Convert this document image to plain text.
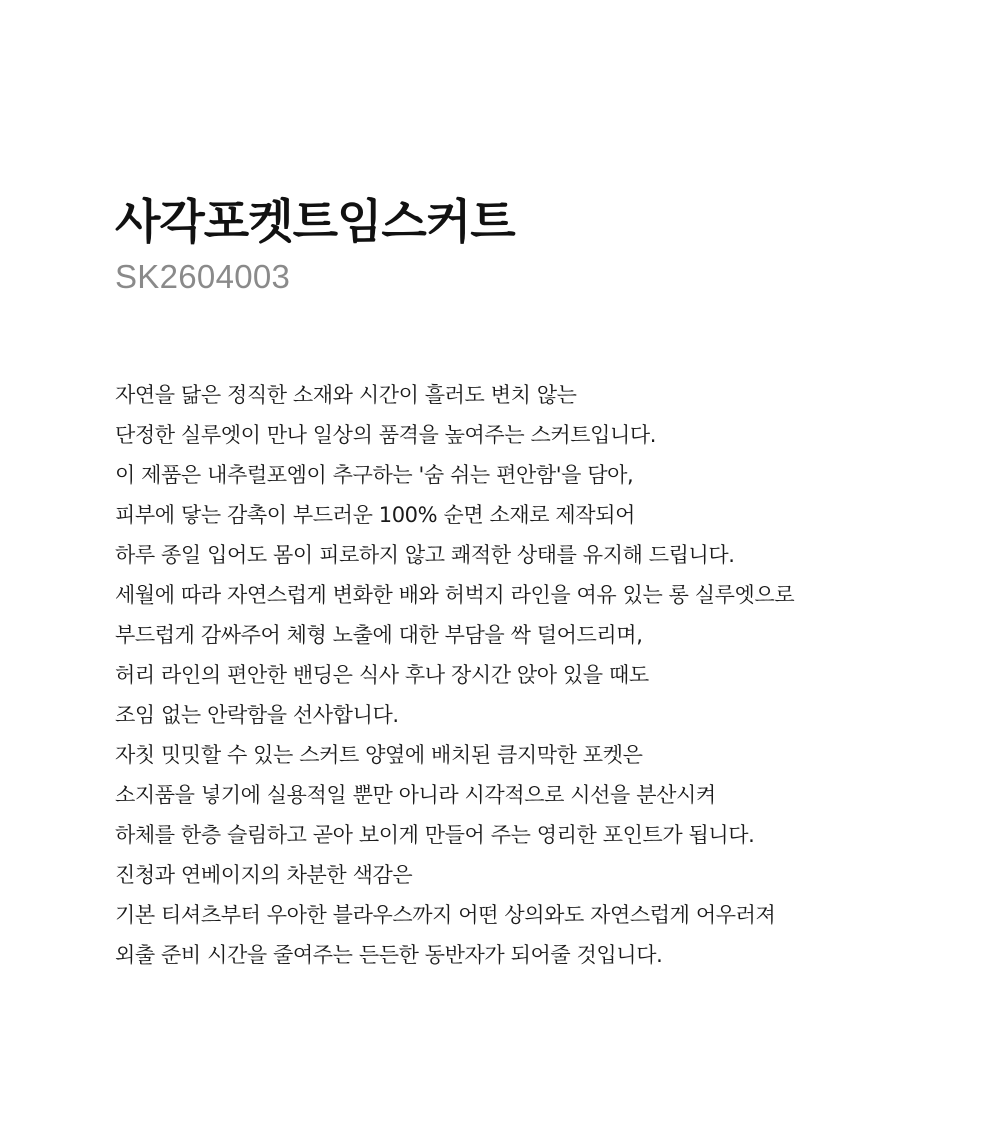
사각포켓트임스커트
SK2604003
자연을 닮은 정직한 소재와 시간이 흘러도 변치 않는
단정한 실루엣이 만나 일상의 품격을 높여주는 스커트입니다.
이 제품은 내추럴포엠이 추구하는 '숨 쉬는 편안함'을 담아,
피부에 닿는 감촉이 부드러운 100% 순면 소재로 제작되어
하루 종일 입어도 몸이 피로하지 않고 쾌적한 상태를 유지해 드립니다.
세월에 따라 자연스럽게 변화한 배와 허벅지 라인을 여유 있는 롱 실루엣으로
부드럽게 감싸주어 체형 노출에 대한 부담을 싹 덜어드리며,
허리 라인의 편안한 밴딩은 식사 후나 장시간 앉아 있을 때도
조임 없는 안락함을 선사합니다.
자칫 밋밋할 수 있는 스커트 양옆에 배치된 큼지막한 포켓은
소지품을 넣기에 실용적일 뿐만 아니라 시각적으로 시선을 분산시켜
하체를 한층 슬림하고 곧아 보이게 만들어 주는 영리한 포인트가 됩니다.
진청과 연베이지의 차분한 색감은
기본 티셔츠부터 우아한 블라우스까지 어떤 상의와도 자연스럽게 어우러져
외출 준비 시간을 줄여주는 든든한 동반자가 되어줄 것입니다.
